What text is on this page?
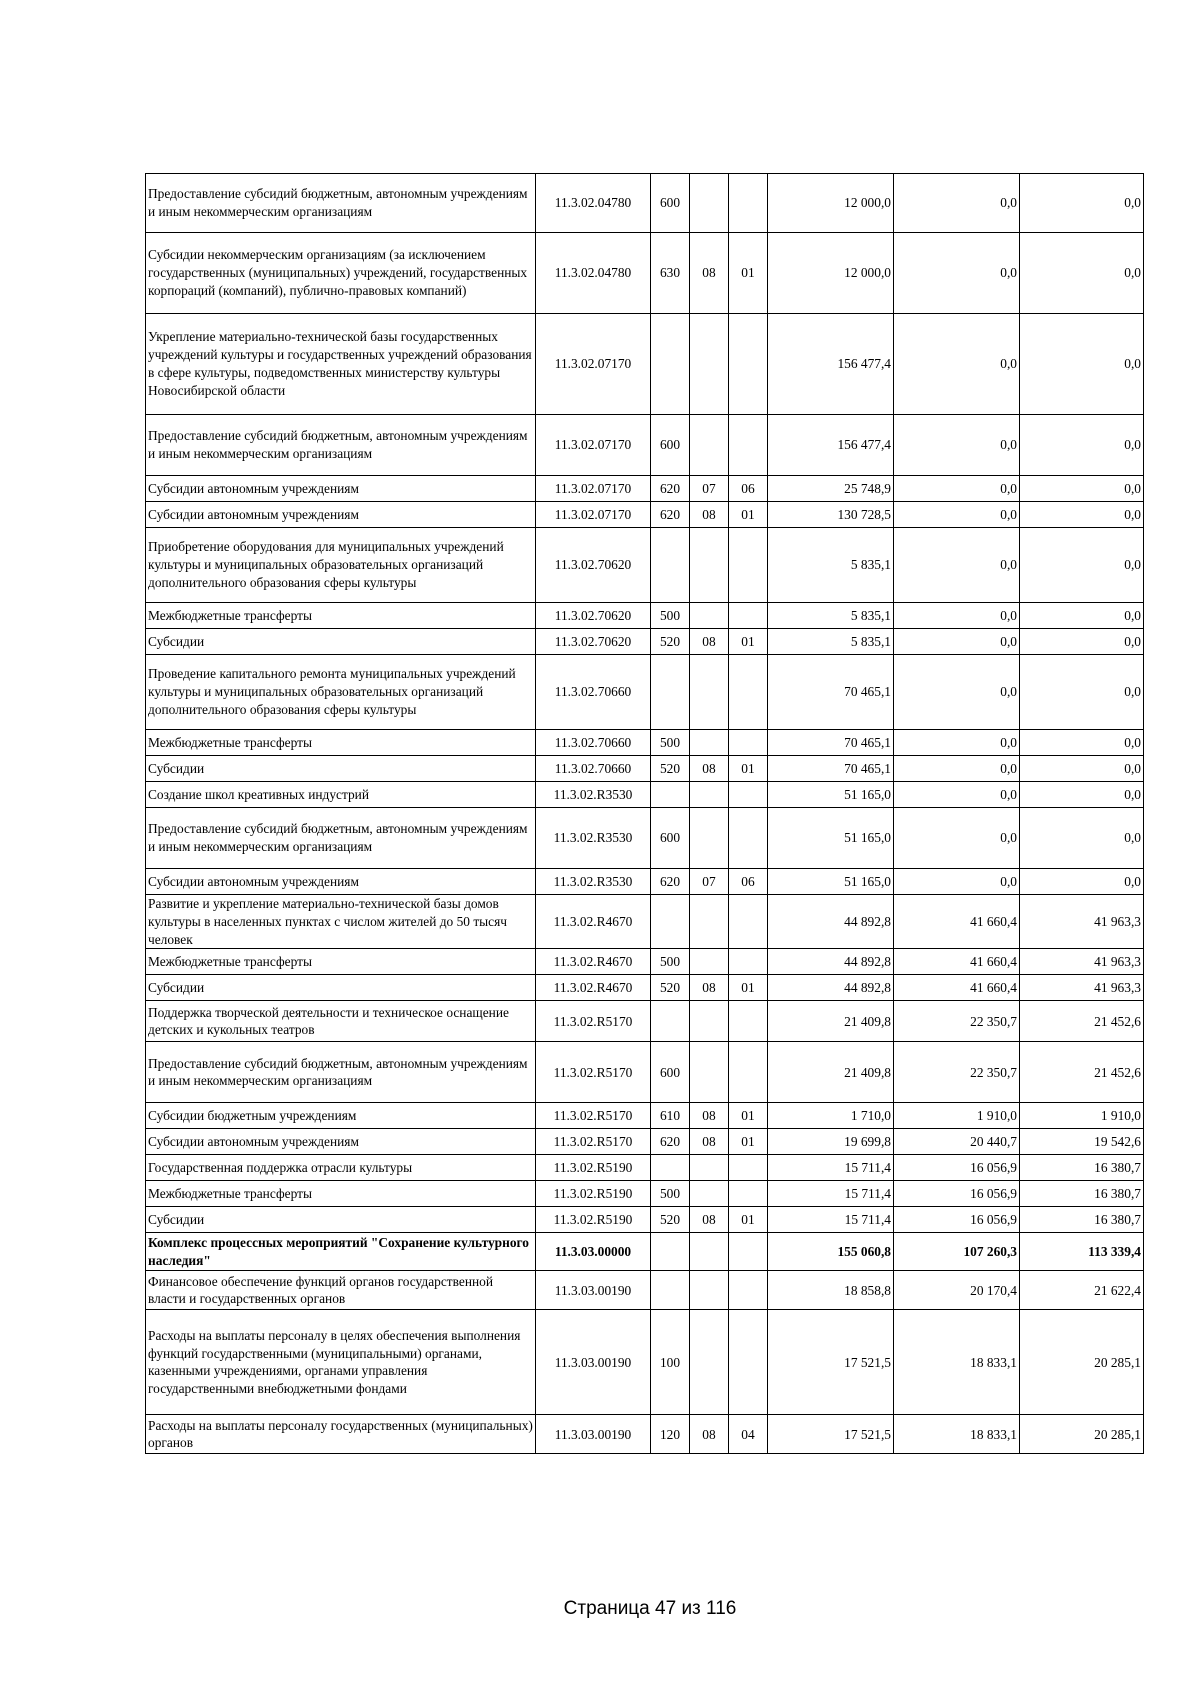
Предоставление субсидий бюджетным, автономным учреждениям и иным некоммерческим организациям	11.3.02.04780	600			12 000,0	0,0	0,0
Субсидии некоммерческим организациям (за исключением государственных (муниципальных) учреждений, государственных корпораций (компаний), публично-правовых компаний)	11.3.02.04780	630	08	01	12 000,0	0,0	0,0
Укрепление материально-технической базы государственных учреждений культуры и государственных учреждений образования в сфере культуры, подведомственных министерству культуры Новосибирской области	11.3.02.07170				156 477,4	0,0	0,0
Предоставление субсидий бюджетным, автономным учреждениям и иным некоммерческим организациям	11.3.02.07170	600			156 477,4	0,0	0,0
Субсидии автономным учреждениям	11.3.02.07170	620	07	06	25 748,9	0,0	0,0
Субсидии автономным учреждениям	11.3.02.07170	620	08	01	130 728,5	0,0	0,0
Приобретение оборудования для муниципальных учреждений культуры и муниципальных образовательных организаций дополнительного образования сферы культуры	11.3.02.70620				5 835,1	0,0	0,0
Межбюджетные трансферты	11.3.02.70620	500			5 835,1	0,0	0,0
Субсидии	11.3.02.70620	520	08	01	5 835,1	0,0	0,0
Проведение капитального ремонта муниципальных учреждений культуры и муниципальных образовательных организаций дополнительного образования сферы культуры	11.3.02.70660				70 465,1	0,0	0,0
Межбюджетные трансферты	11.3.02.70660	500			70 465,1	0,0	0,0
Субсидии	11.3.02.70660	520	08	01	70 465,1	0,0	0,0
Создание школ креативных индустрий	11.3.02.R3530				51 165,0	0,0	0,0
Предоставление субсидий бюджетным, автономным учреждениям и иным некоммерческим организациям	11.3.02.R3530	600			51 165,0	0,0	0,0
Субсидии автономным учреждениям	11.3.02.R3530	620	07	06	51 165,0	0,0	0,0
Развитие и укрепление материально-технической базы домов культуры в населенных пунктах с числом жителей до 50 тысяч человек	11.3.02.R4670				44 892,8	41 660,4	41 963,3
Межбюджетные трансферты	11.3.02.R4670	500			44 892,8	41 660,4	41 963,3
Субсидии	11.3.02.R4670	520	08	01	44 892,8	41 660,4	41 963,3
Поддержка творческой деятельности и техническое оснащение детских и кукольных театров	11.3.02.R5170				21 409,8	22 350,7	21 452,6
Предоставление субсидий бюджетным, автономным учреждениям и иным некоммерческим организациям	11.3.02.R5170	600			21 409,8	22 350,7	21 452,6
Субсидии бюджетным учреждениям	11.3.02.R5170	610	08	01	1 710,0	1 910,0	1 910,0
Субсидии автономным учреждениям	11.3.02.R5170	620	08	01	19 699,8	20 440,7	19 542,6
Государственная поддержка отрасли культуры	11.3.02.R5190				15 711,4	16 056,9	16 380,7
Межбюджетные трансферты	11.3.02.R5190	500			15 711,4	16 056,9	16 380,7
Субсидии	11.3.02.R5190	520	08	01	15 711,4	16 056,9	16 380,7
Комплекс процессных мероприятий "Сохранение культурного наследия"	11.3.03.00000				155 060,8	107 260,3	113 339,4
Финансовое обеспечение функций органов государственной власти и государственных органов	11.3.03.00190				18 858,8	20 170,4	21 622,4
Расходы на выплаты персоналу в целях обеспечения выполнения функций государственными (муниципальными) органами, казенными учреждениями, органами управления государственными внебюджетными фондами	11.3.03.00190	100			17 521,5	18 833,1	20 285,1
Расходы на выплаты персоналу государственных (муниципальных) органов	11.3.03.00190	120	08	04	17 521,5	18 833,1	20 285,1
Страница 47 из 116
